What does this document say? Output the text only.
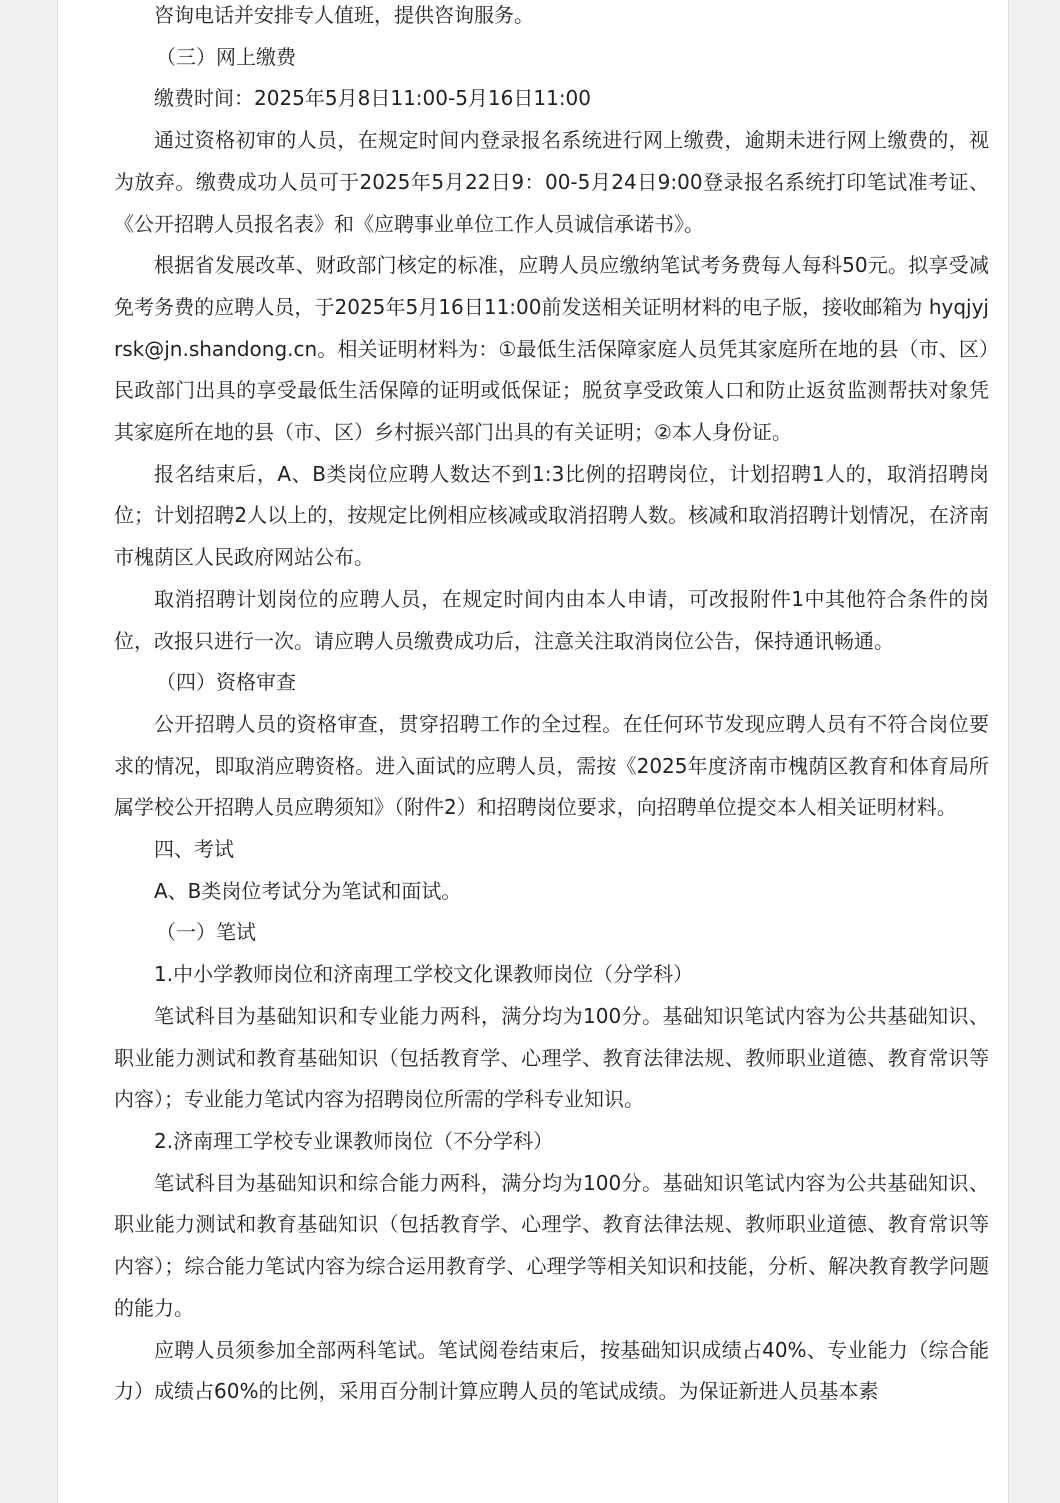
咨询电话并安排专人值班，提供咨询服务。

（三）网上缴费

缴费时间：2025年5月8日11:00-5月16日11:00

通过资格初审的人员，在规定时间内登录报名系统进行网上缴费，逾期未进行网上缴费的，视为放弃。缴费成功人员可于2025年5月22日9：00-5月24日9:00登录报名系统打印笔试准考证、《公开招聘人员报名表》和《应聘事业单位工作人员诚信承诺书》。

根据省发展改革、财政部门核定的标准，应聘人员应缴纳笔试考务费每人每科50元。拟享受减免考务费的应聘人员，于2025年5月16日11:00前发送相关证明材料的电子版，接收邮箱为 hyqjyjrsk@jn.shandong.cn。相关证明材料为：①最低生活保障家庭人员凭其家庭所在地的县（市、区）民政部门出具的享受最低生活保障的证明或低保证；脱贫享受政策人口和防止返贫监测帮扶对象凭其家庭所在地的县（市、区）乡村振兴部门出具的有关证明；②本人身份证。

报名结束后，A、B类岗位应聘人数达不到1:3比例的招聘岗位，计划招聘1人的，取消招聘岗位；计划招聘2人以上的，按规定比例相应核减或取消招聘人数。核减和取消招聘计划情况，在济南市槐荫区人民政府网站公布。

取消招聘计划岗位的应聘人员，在规定时间内由本人申请，可改报附件1中其他符合条件的岗位，改报只进行一次。请应聘人员缴费成功后，注意关注取消岗位公告，保持通讯畅通。

（四）资格审查

公开招聘人员的资格审查，贯穿招聘工作的全过程。在任何环节发现应聘人员有不符合岗位要求的情况，即取消应聘资格。进入面试的应聘人员，需按《2025年度济南市槐荫区教育和体育局所属学校公开招聘人员应聘须知》（附件2）和招聘岗位要求，向招聘单位提交本人相关证明材料。

四、考试

A、B类岗位考试分为笔试和面试。

（一）笔试

1.中小学教师岗位和济南理工学校文化课教师岗位（分学科）

笔试科目为基础知识和专业能力两科，满分均为100分。基础知识笔试内容为公共基础知识、职业能力测试和教育基础知识（包括教育学、心理学、教育法律法规、教师职业道德、教育常识等内容）；专业能力笔试内容为招聘岗位所需的学科专业知识。

2.济南理工学校专业课教师岗位（不分学科）

笔试科目为基础知识和综合能力两科，满分均为100分。基础知识笔试内容为公共基础知识、职业能力测试和教育基础知识（包括教育学、心理学、教育法律法规、教师职业道德、教育常识等内容）；综合能力笔试内容为综合运用教育学、心理学等相关知识和技能，分析、解决教育教学问题的能力。

应聘人员须参加全部两科笔试。笔试阅卷结束后，按基础知识成绩占40%、专业能力（综合能力）成绩占60%的比例，采用百分制计算应聘人员的笔试成绩。为保证新进人员基本素
